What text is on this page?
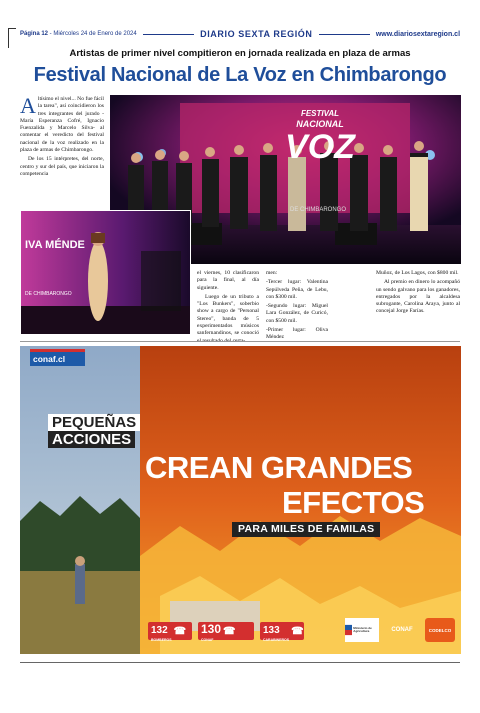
Página 12 - Miércoles 24 de Enero de 2024	DIARIO SEXTA REGIÓN	www.diariosextaregion.cl
Artistas de primer nivel compitieron en jornada realizada en plaza de armas
Festival Nacional de La Voz en Chimbarongo

Altísimo el nivel... No fue fácil la tarea", así coincidieron los tres integrantes del jurado -María Esperanza Cofré, Ignacio Fuenzalida y Marcelo Silva- al comentar el veredicto del festival nacional de la voz realizado en la plaza de armas de Chimbarongo.

De los 15 intérpretes, del norte, centro y sur del país, que iniciaron la competencia

FESTIVAL
NACIONAL
VOZ
DE CHIMBARONGO
IVA MÉNDE
DE CHIMBARONGO

el viernes, 10 clasificaron para la final, al día siguiente.

Luego de un tributo a "Los Bunkers", soberbio show a cargo de "Personal Stereo", banda de 5 experimentados músicos sanfernandinos, se conoció

men:

-Tercer lugar: Valentina Sepúlveda Peña, de Lebu, con $300 mil.

-Segundo lugar: Miguel Lara González, de Curicó, con $500 mil.

-Primer lugar: Oliva Méndez

Muñoz, de Los Lagos, con $800 mil.

Al premio en dinero lo acompañó un sendo galvano para los ganadores, entregados por la alcaldesa subrogante, Carolina Araya, junto al concejal Jorge Farías.

conaf.cl
PEQUEÑAS
ACCIONES
CREAN GRANDES
EFECTOS
PARA MILES DE FAMILAS
132
BOMBEROS
☎ 130
CONAF
☎	133
CARABINEROS
☎	Ministerio de Agricultura	CONAF	CODELCO
